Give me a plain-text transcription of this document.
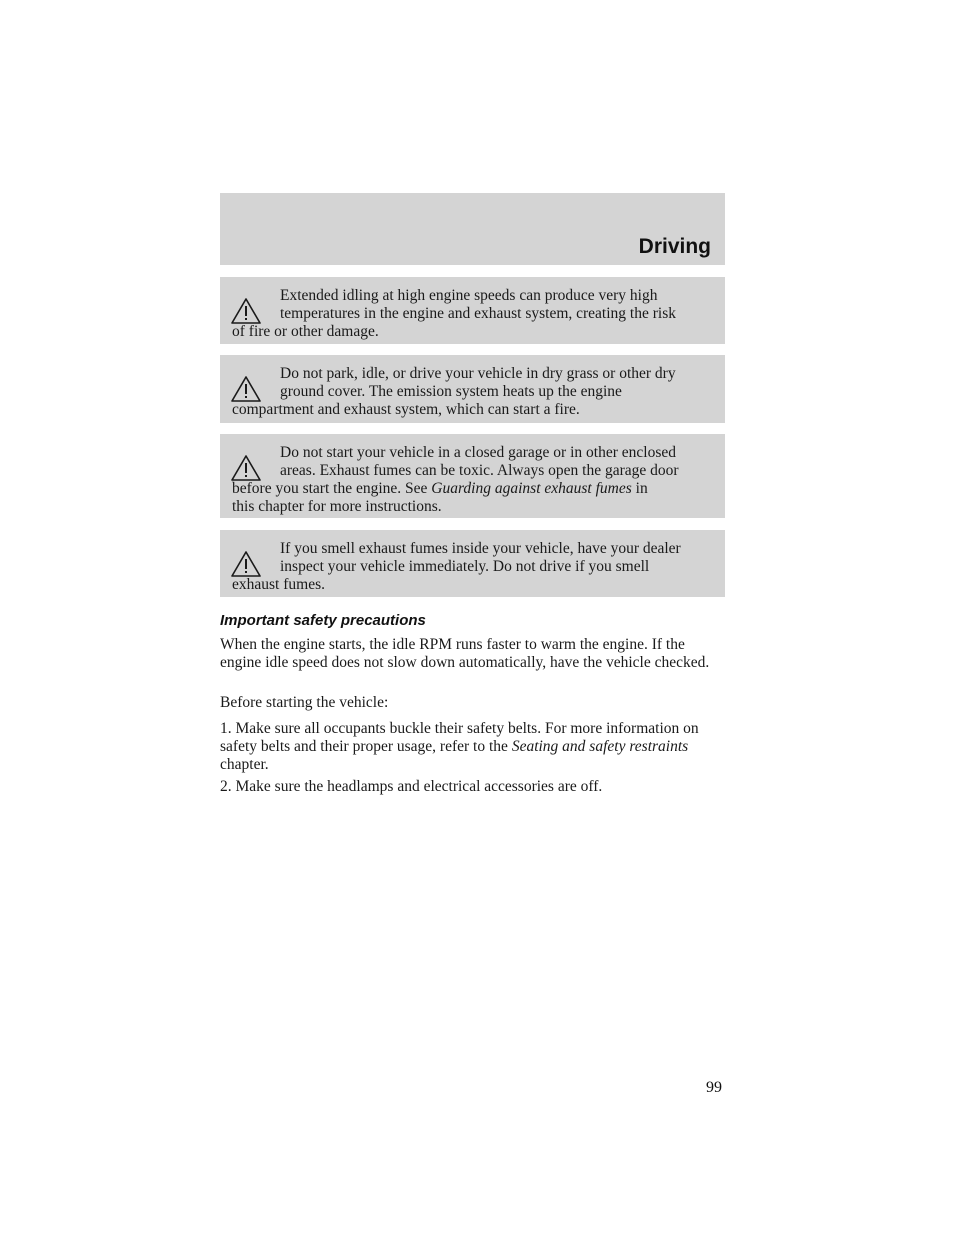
Driving
Extended idling at high engine speeds can produce very high
temperatures in the engine and exhaust system, creating the risk
of fire or other damage.
Do not park, idle, or drive your vehicle in dry grass or other dry
ground cover. The emission system heats up the engine
compartment and exhaust system, which can start a fire.
Do not start your vehicle in a closed garage or in other enclosed
areas. Exhaust fumes can be toxic. Always open the garage door
before you start the engine. See Guarding against exhaust fumes in
this chapter for more instructions.
If you smell exhaust fumes inside your vehicle, have your dealer
inspect your vehicle immediately. Do not drive if you smell
exhaust fumes.
Important safety precautions

When the engine starts, the idle RPM runs faster to warm the engine. If the engine idle speed does not slow down automatically, have the vehicle checked.

Before starting the vehicle:

1. Make sure all occupants buckle their safety belts. For more information on safety belts and their proper usage, refer to the Seating and safety restraints chapter.

2. Make sure the headlamps and electrical accessories are off.

99
